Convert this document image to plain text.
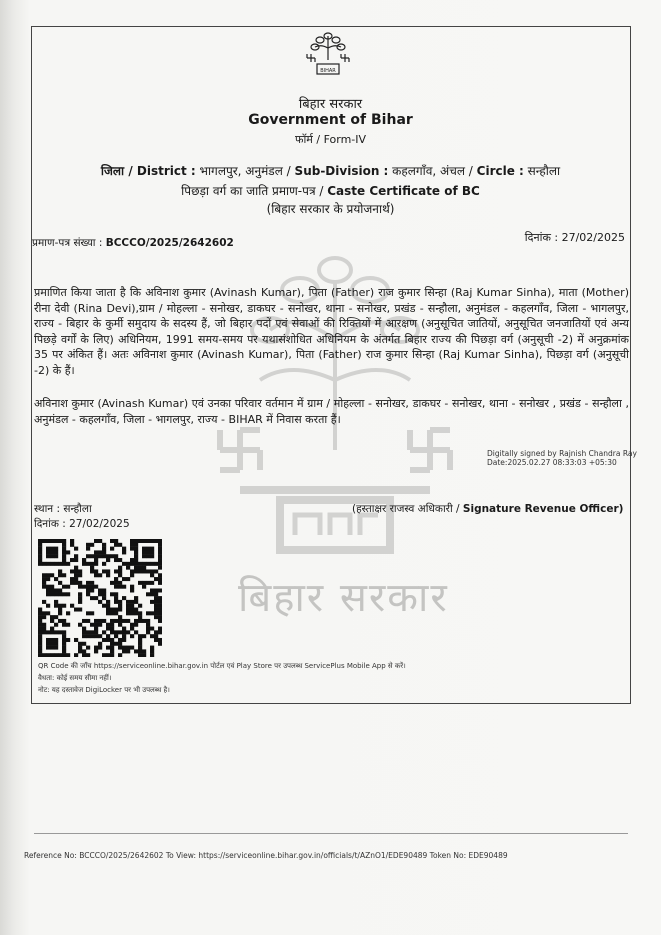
बिहार सरकार
BIHAR
बिहार सरकार
Government of Bihar
फॉर्म / Form-IV
जिला / District : भागलपुर, अनुमंडल / Sub-Division : कहलगाँव, अंचल / Circle : सन्हौला
पिछड़ा वर्ग का जाति प्रमाण-पत्र / Caste Certificate of BC
(बिहार सरकार के प्रयोजनार्थ)
प्रमाण-पत्र संख्या : BCCCO/2025/2642602	दिनांक : 27/02/2025
प्रमाणित किया जाता है कि अविनाश कुमार (Avinash Kumar), पिता (Father) राज कुमार सिन्हा (Raj Kumar Sinha), माता (Mother) रीना देवी (Rina Devi),ग्राम / मोहल्ला - सनोखर, डाकघर - सनोखर, थाना - सनोखर, प्रखंड - सन्हौला, अनुमंडल - कहलगाँव, जिला - भागलपुर, राज्य - बिहार के कुर्मी समुदाय के सदस्य हैं, जो बिहार पदों एवं सेवाओं की रिक्तियों में आरक्षण (अनुसूचित जातियों, अनुसूचित जनजातियों एवं अन्य पिछड़े वर्गों के लिए) अधिनियम, 1991 समय-समय पर यथासंशोधित अधिनियम के अंतर्गत बिहार राज्य की पिछड़ा वर्ग (अनुसूची -2) में अनुक्रमांक 35 पर अंकित हैं। अतः अविनाश कुमार (Avinash Kumar), पिता (Father) राज कुमार सिन्हा (Raj Kumar Sinha), पिछड़ा वर्ग (अनुसूची -2) के हैं।
अविनाश कुमार (Avinash Kumar) एवं उनका परिवार वर्तमान में ग्राम / मोहल्ला - सनोखर, डाकघर - सनोखर, थाना - सनोखर , प्रखंड - सन्हौला , अनुमंडल - कहलगाँव, जिला - भागलपुर, राज्य - BIHAR में निवास करता हैं।
Digitally signed by Rajnish Chandra Ray
Date:2025.02.27 08:33:03 +05:30
स्थान : सन्हौला
दिनांक : 27/02/2025
(हस्ताक्षर राजस्व अधिकारी / Signature Revenue Officer)
QR Code की जाँच https://serviceonline.bihar.gov.in पोर्टल एवं Play Store पर उपलब्ध ServicePlus Mobile App से करें।
वैधता: कोई समय सीमा नहीं।
नोट: यह दस्तावेज DigiLocker पर भी उपलब्ध है।
Reference No: BCCCO/2025/2642602 To View: https://serviceonline.bihar.gov.in/officials/t/AZnO1/EDE90489 Token No: EDE90489
